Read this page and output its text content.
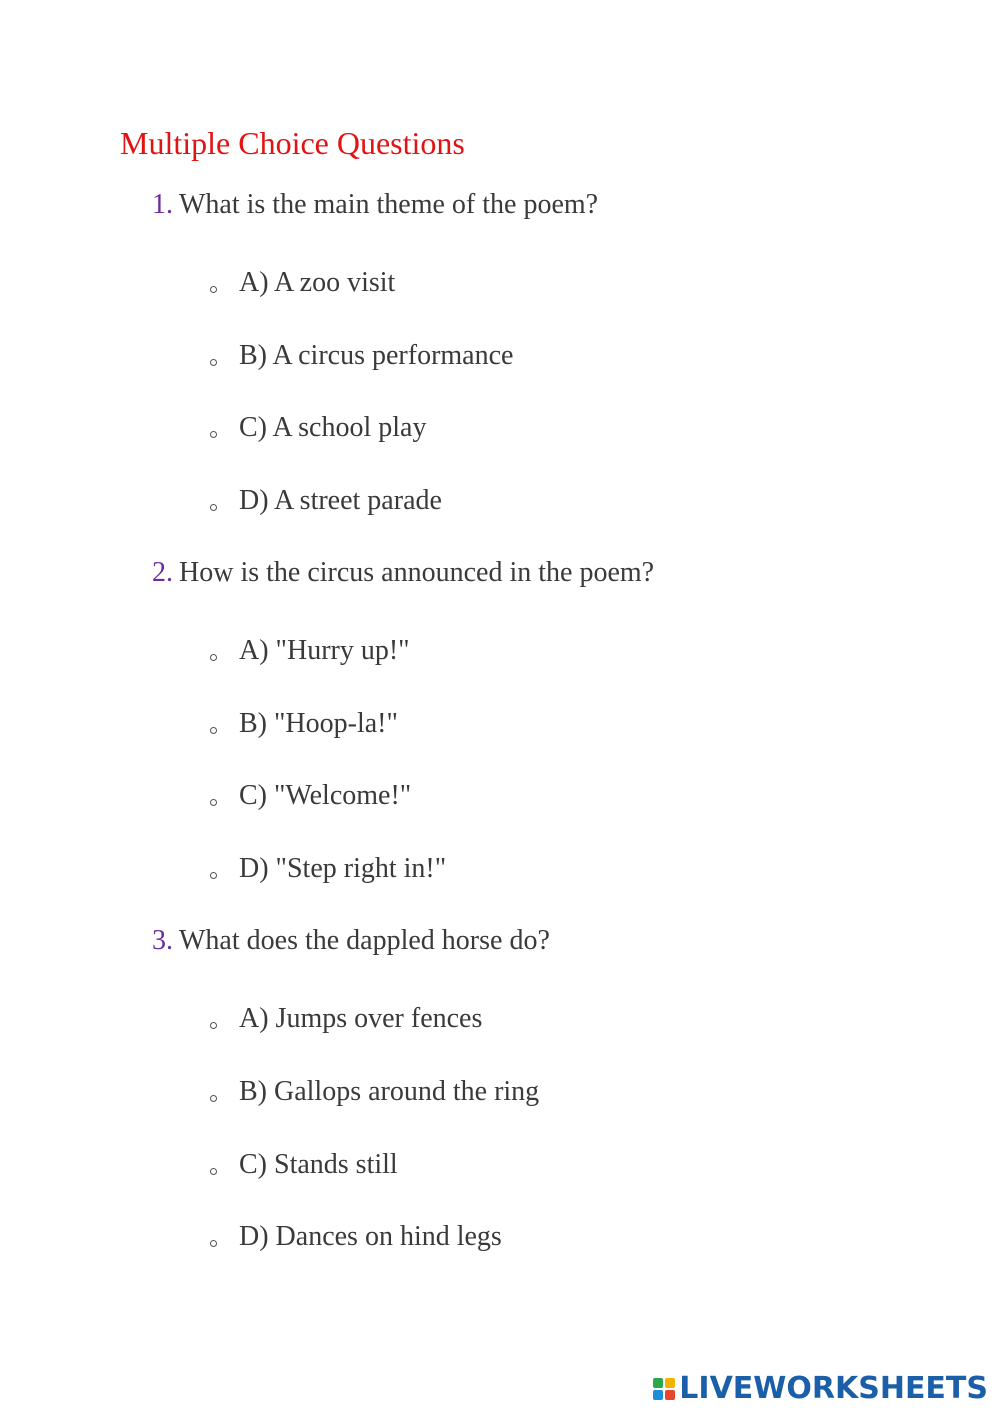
Multiple Choice Questions
1. What is the main theme of the poem?
A) A zoo visit
B) A circus performance
C) A school play
D) A street parade
2. How is the circus announced in the poem?
A) "Hurry up!"
B) "Hoop-la!"
C) "Welcome!"
D) "Step right in!"
3. What does the dappled horse do?
A) Jumps over fences
B) Gallops around the ring
C) Stands still
D) Dances on hind legs
LIVEWORKSHEETS
